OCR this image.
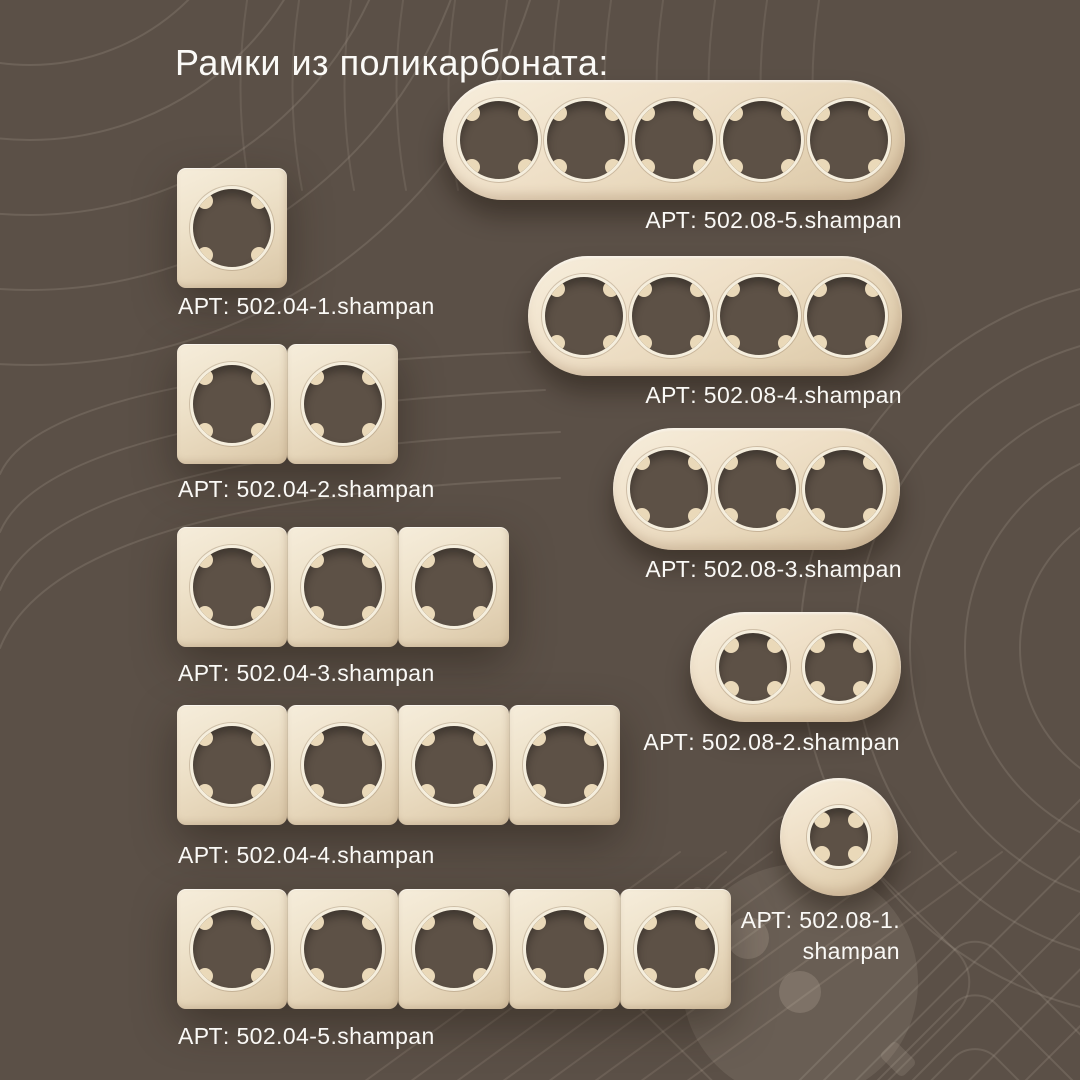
Рамки из поликарбоната:
АРТ: 502.04-1.shampan
АРТ: 502.04-2.shampan
АРТ: 502.04-3.shampan
АРТ: 502.04-4.shampan
АРТ: 502.04-5.shampan
АРТ: 502.08-5.shampan
АРТ: 502.08-4.shampan
АРТ: 502.08-3.shampan
АРТ: 502.08-2.shampan
АРТ: 502.08-1.
shampan
